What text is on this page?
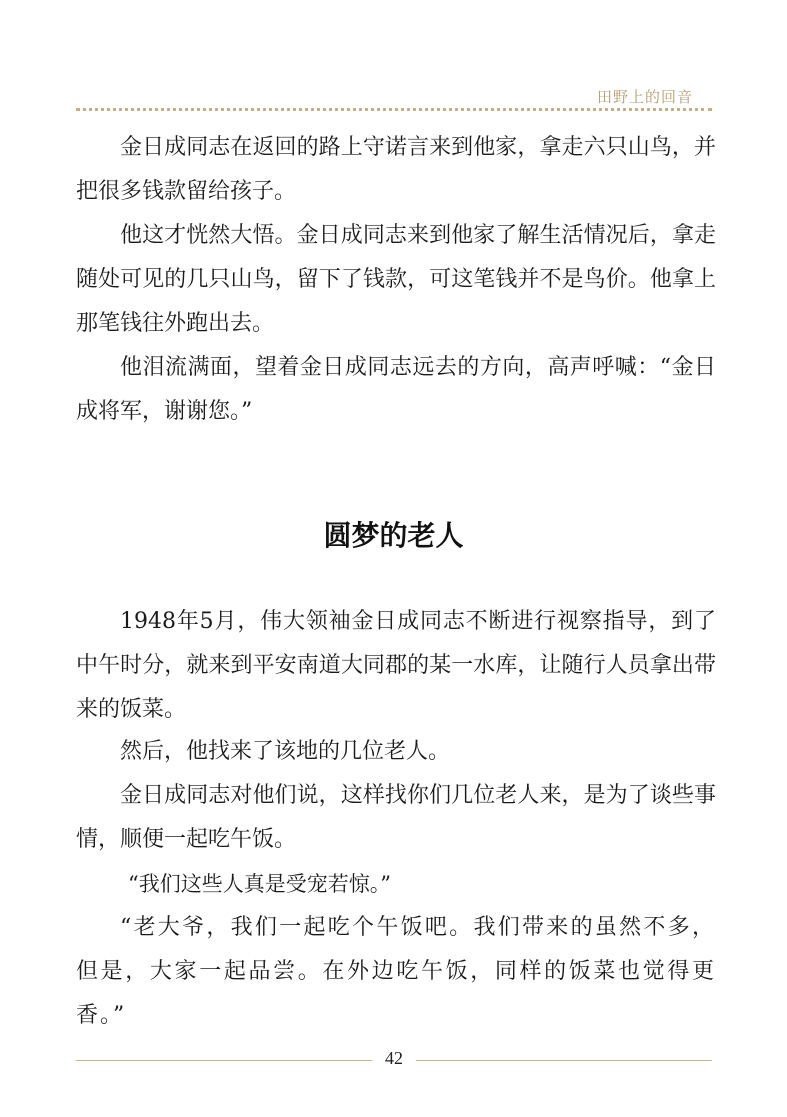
田野上的回音

金日成同志在返回的路上守诺言来到他家，拿走六只山鸟，并把很多钱款留给孩子。

他这才恍然大悟。金日成同志来到他家了解生活情况后，拿走随处可见的几只山鸟，留下了钱款，可这笔钱并不是鸟价。他拿上那笔钱往外跑出去。

他泪流满面，望着金日成同志远去的方向，高声呼喊：“金日成将军，谢谢您。”

圆梦的老人

1948年5月，伟大领袖金日成同志不断进行视察指导，到了中午时分，就来到平安南道大同郡的某一水库，让随行人员拿出带来的饭菜。

然后，他找来了该地的几位老人。

金日成同志对他们说，这样找你们几位老人来，是为了谈些事情，顺便一起吃午饭。

“我们这些人真是受宠若惊。”

“老大爷，我们一起吃个午饭吧。我们带来的虽然不多，但是，大家一起品尝。在外边吃午饭，同样的饭菜也觉得更香。”

42
